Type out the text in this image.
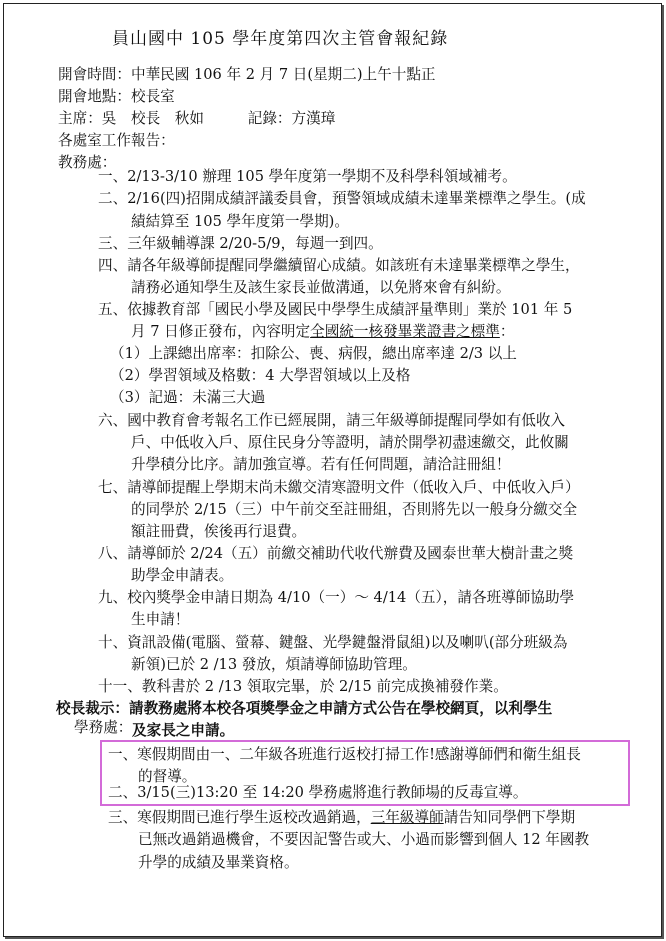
員山國中 105 學年度第四次主管會報紀錄
開會時間：中華民國 106 年 2 月 7 日(星期二)上午十點正
開會地點：校長室
主席：吳　校長　秋如　　　記錄：方漢璋
各處室工作報告：
教務處：
一、2/13-3/10 辦理 105 學年度第一學期不及科學科領域補考。
二、2/16(四)招開成績評議委員會，預警領域成績未達畢業標準之學生。(成
績結算至 105 學年度第一學期)。
三、三年級輔導課 2/20-5/9，每週一到四。
四、請各年級導師提醒同學繼續留心成績。如該班有未達畢業標準之學生，
請務必通知學生及該生家長並做溝通，以免將來會有糾紛。
五、依據教育部「國民小學及國民中學學生成績評量準則」業於 101 年 5
月 7 日修正發布，內容明定全國統一核發畢業證書之標準：
（1）上課總出席率：扣除公、喪、病假，總出席率達 2/3 以上
（2）學習領域及格數：4 大學習領域以上及格
（3）記過：未滿三大過
六、國中教育會考報名工作已經展開，請三年級導師提醒同學如有低收入
戶、中低收入戶、原住民身分等證明，請於開學初盡速繳交，此攸關
升學積分比序。請加強宣導。若有任何問題，請洽註冊組！
七、請導師提醒上學期末尚未繳交清寒證明文件（低收入戶、中低收入戶）
的同學於 2/15（三）中午前交至註冊組，否則將先以一般身分繳交全
額註冊費，俟後再行退費。
八、請導師於 2/24（五）前繳交補助代收代辦費及國泰世華大樹計畫之獎
助學金申請表。
九、校內獎學金申請日期為 4/10（一）～ 4/14（五），請各班導師協助學
生申請！
十、資訊設備(電腦、螢幕、鍵盤、光學鍵盤滑鼠組)以及喇叭(部分班級為
新領)已於 2 /13 發放，煩請導師協助管理。
十一、教科書於 2 /13 領取完畢，於 2/15 前完成換補發作業。
校長裁示：請教務處將本校各項獎學金之申請方式公告在學校網頁，以利學生
及家長之申請。
學務處：
一、寒假期間由一、二年級各班進行返校打掃工作!感謝導師們和衛生組長
的督導。
二、3/15(三)13:20 至 14:20 學務處將進行教師場的反毒宣導。
三、寒假期間已進行學生返校改過銷過，三年級導師請告知同學們下學期
已無改過銷過機會，不要因記警告或大、小過而影響到個人 12 年國教
升學的成績及畢業資格。
